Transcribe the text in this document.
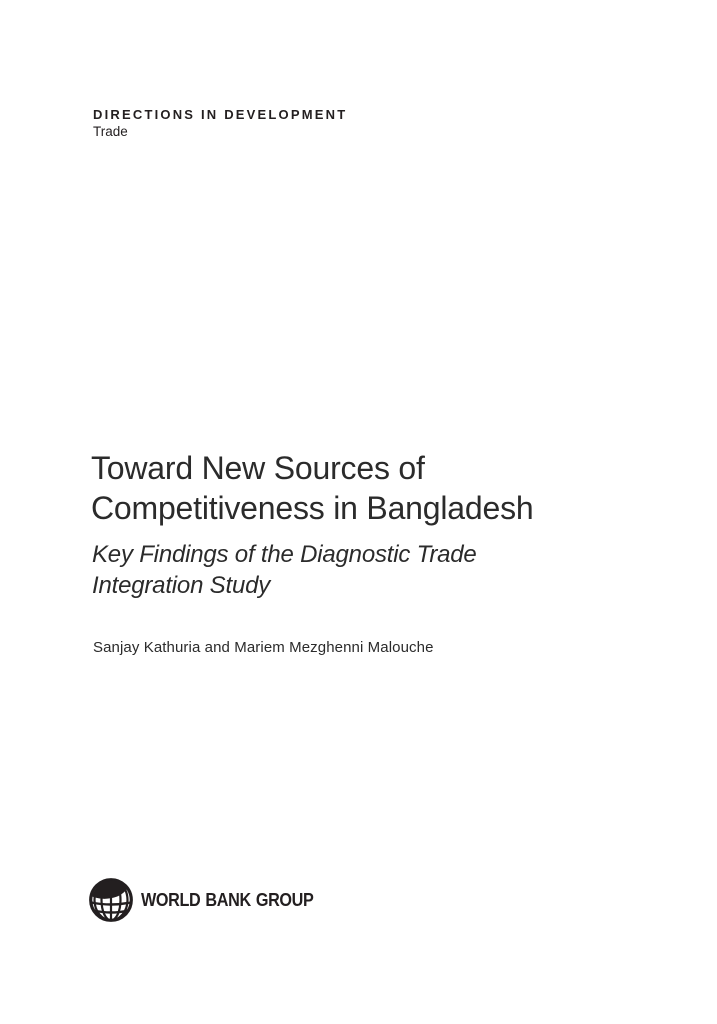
DIRECTIONS IN DEVELOPMENT
Trade
Toward New Sources of
Competitiveness in Bangladesh
Key Findings of the Diagnostic Trade
Integration Study
Sanjay Kathuria and Mariem Mezghenni Malouche
WORLD BANK GROUP
